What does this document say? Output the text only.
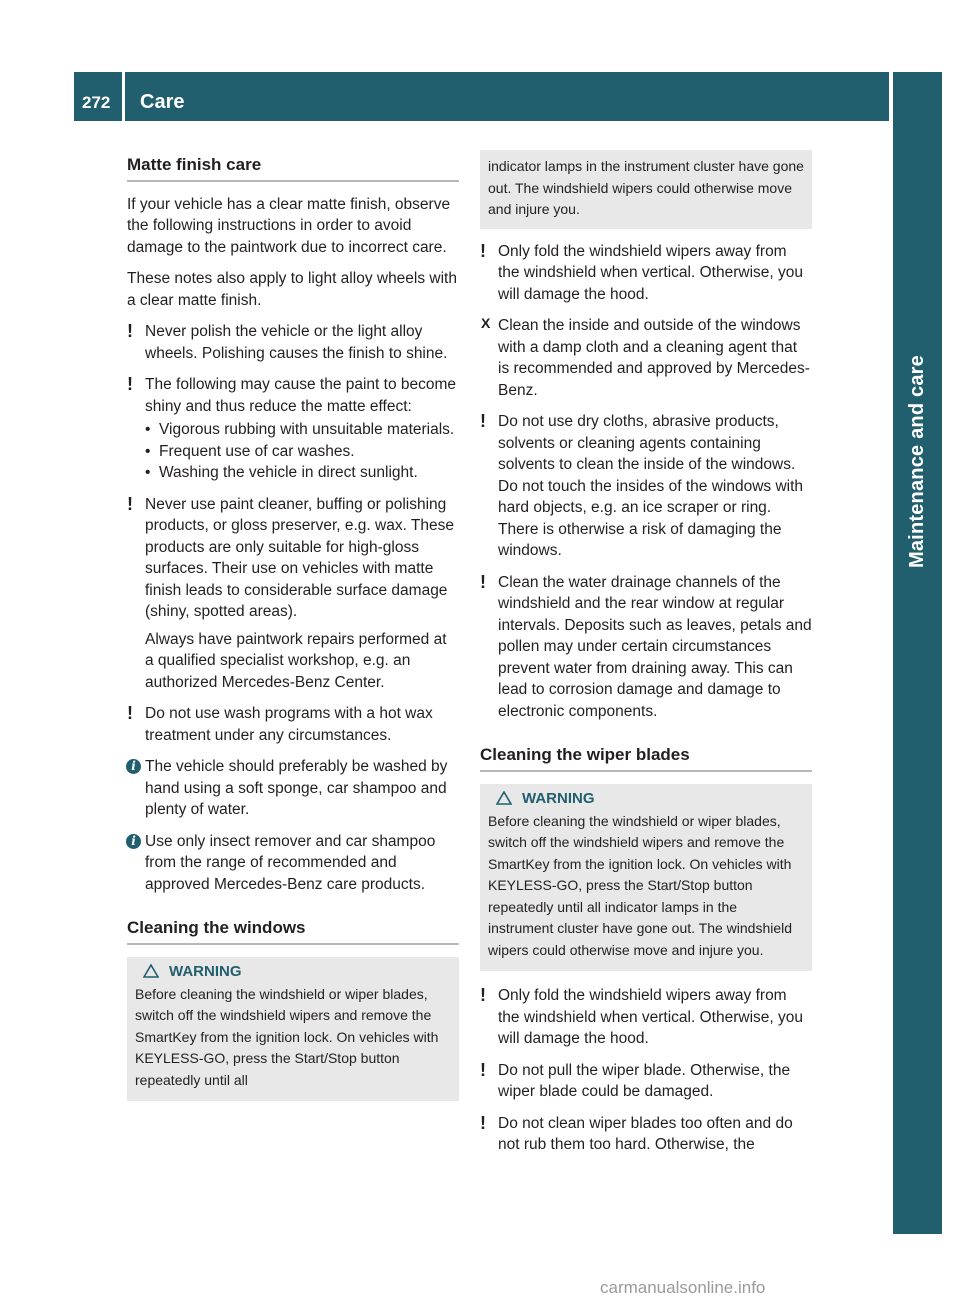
272 Care
Maintenance and care
Matte finish care

If your vehicle has a clear matte finish, observe the following instructions in order to avoid damage to the paintwork due to incorrect care.

These notes also apply to light alloy wheels with a clear matte finish.

! Never polish the vehicle or the light alloy wheels. Polishing causes the finish to shine.

! The following may cause the paint to become shiny and thus reduce the matte effect:

• Vigorous rubbing with unsuitable materials.
• Frequent use of car washes.
• Washing the vehicle in direct sunlight.
! Never use paint cleaner, buffing or polishing products, or gloss preserver, e.g. wax. These products are only suitable for high-gloss surfaces. Their use on vehicles with matte finish leads to considerable surface damage (shiny, spotted areas).

Always have paintwork repairs performed at a qualified specialist workshop, e.g. an authorized Mercedes-Benz Center.

! Do not use wash programs with a hot wax treatment under any circumstances.

i The vehicle should preferably be washed by hand using a soft sponge, car shampoo and plenty of water.

i Use only insect remover and car shampoo from the range of recommended and approved Mercedes-Benz care products.

Cleaning the windows
WARNING

Before cleaning the windshield or wiper blades, switch off the windshield wipers and remove the SmartKey from the ignition lock. On vehicles with KEYLESS-GO, press the Start/Stop button repeatedly until all

indicator lamps in the instrument cluster have gone out. The windshield wipers could otherwise move and injure you.

! Only fold the windshield wipers away from the windshield when vertical. Otherwise, you will damage the hood.

X Clean the inside and outside of the windows with a damp cloth and a cleaning agent that is recommended and approved by Mercedes-Benz.

! Do not use dry cloths, abrasive products, solvents or cleaning agents containing solvents to clean the inside of the windows. Do not touch the insides of the windows with hard objects, e.g. an ice scraper or ring. There is otherwise a risk of damaging the windows.

! Clean the water drainage channels of the windshield and the rear window at regular intervals. Deposits such as leaves, petals and pollen may under certain circumstances prevent water from draining away. This can lead to corrosion damage and damage to electronic components.

Cleaning the wiper blades
WARNING

Before cleaning the windshield or wiper blades, switch off the windshield wipers and remove the SmartKey from the ignition lock. On vehicles with KEYLESS-GO, press the Start/Stop button repeatedly until all indicator lamps in the instrument cluster have gone out. The windshield wipers could otherwise move and injure you.

! Only fold the windshield wipers away from the windshield when vertical. Otherwise, you will damage the hood.

! Do not pull the wiper blade. Otherwise, the wiper blade could be damaged.

! Do not clean wiper blades too often and do not rub them too hard. Otherwise, the

carmanualsonline.info
